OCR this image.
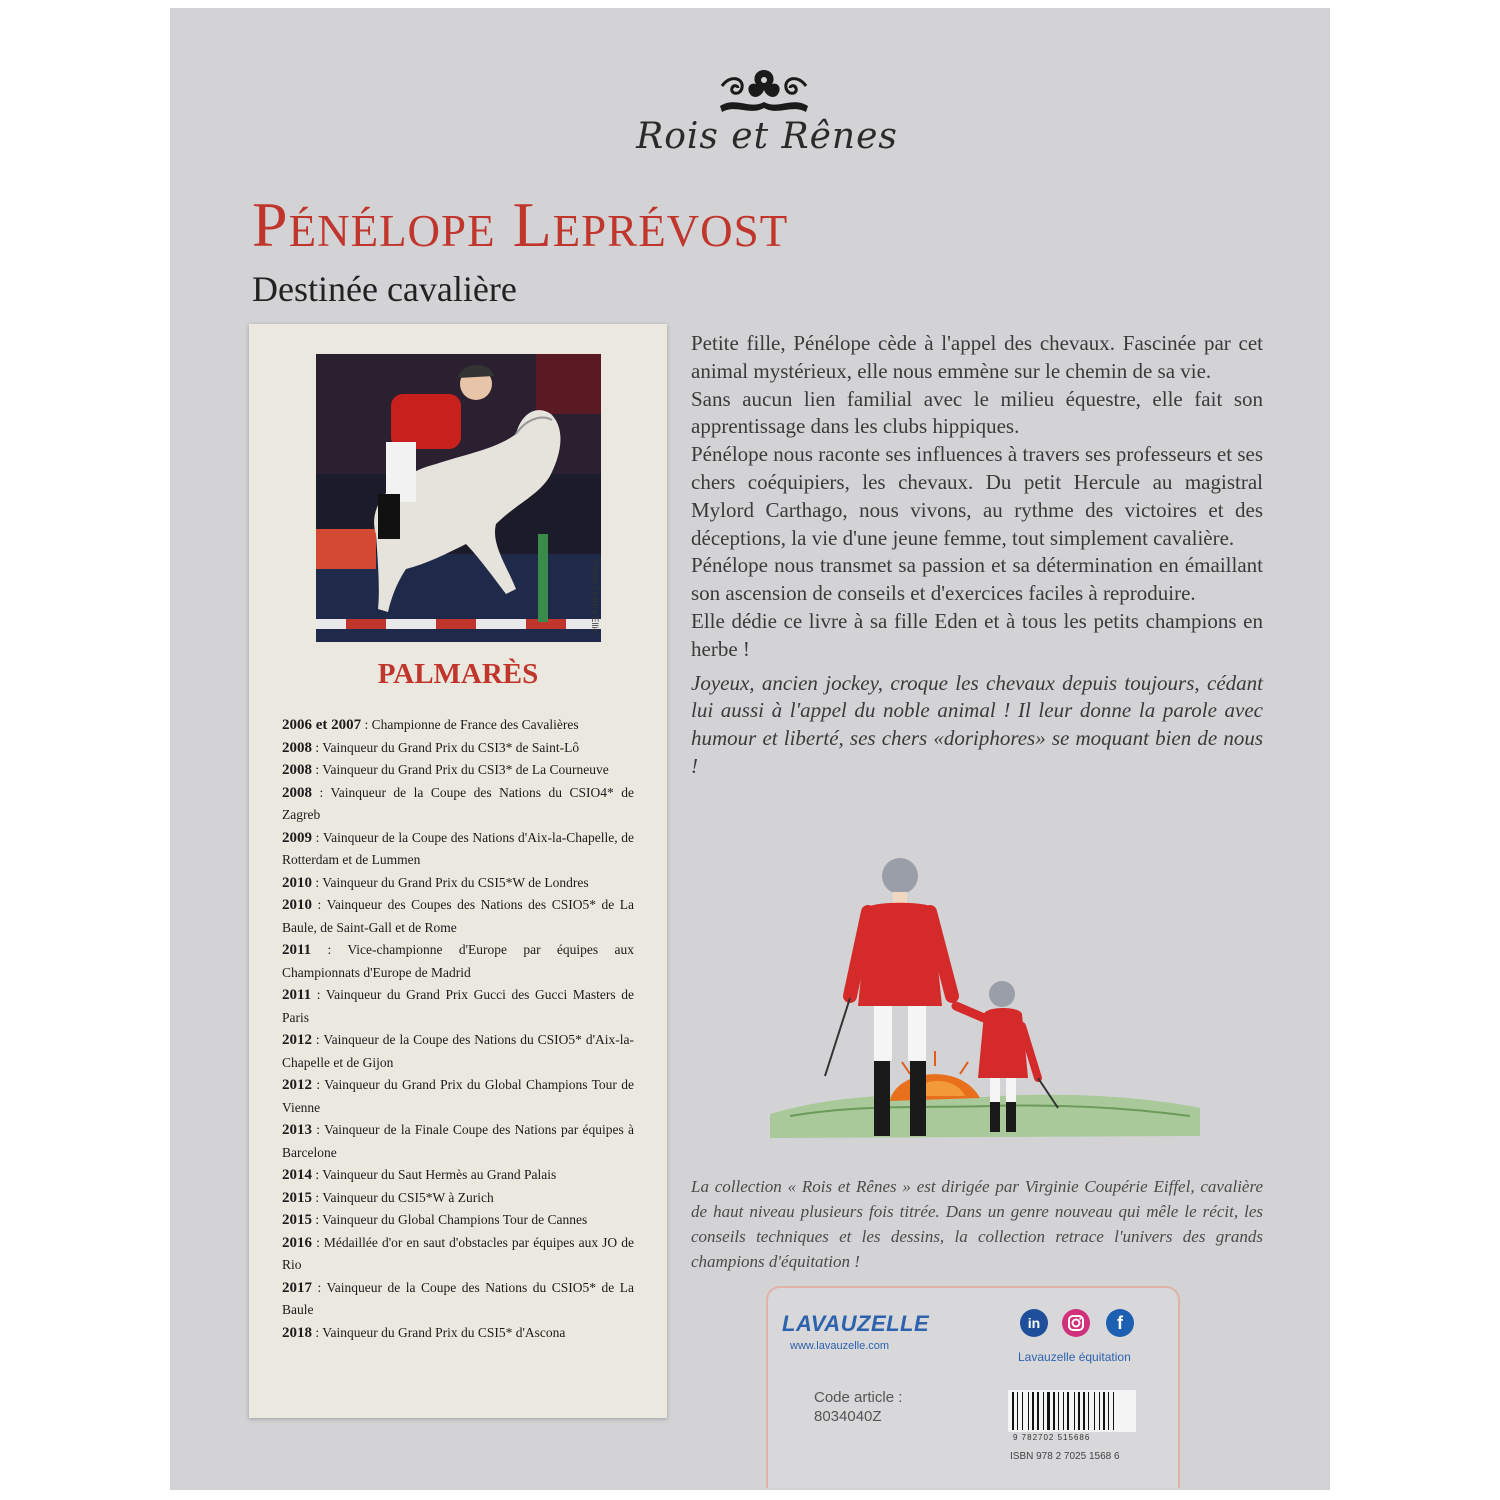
Rois et Rênes
Pénélope Leprévost
Destinée cavalière
Photo Thierry Ellie
PALMARÈS
2006 et 2007 : Championne de France des Cavalières
2008 : Vainqueur du Grand Prix du CSI3* de Saint-Lô
2008 : Vainqueur du Grand Prix du CSI3* de La Courneuve
2008 : Vainqueur de la Coupe des Nations du CSIO4* de Zagreb
2009 : Vainqueur de la Coupe des Nations d'Aix-la-Chapelle, de Rotterdam et de Lummen
2010 : Vainqueur du Grand Prix du CSI5*W de Londres
2010 : Vainqueur des Coupes des Nations des CSIO5* de La Baule, de Saint-Gall et de Rome
2011 : Vice-championne d'Europe par équipes aux Championnats d'Europe de Madrid
2011 : Vainqueur du Grand Prix Gucci des Gucci Masters de Paris
2012 : Vainqueur de la Coupe des Nations du CSIO5* d'Aix-la-Chapelle et de Gijon
2012 : Vainqueur du Grand Prix du Global Champions Tour de Vienne
2013 : Vainqueur de la Finale Coupe des Nations par équipes à Barcelone
2014 : Vainqueur du Saut Hermès au Grand Palais
2015 : Vainqueur du CSI5*W à Zurich
2015 : Vainqueur du Global Champions Tour de Cannes
2016 : Médaillée d'or en saut d'obstacles par équipes aux JO de Rio
2017 : Vainqueur de la Coupe des Nations du CSIO5* de La Baule
2018 : Vainqueur du Grand Prix du CSI5* d'Ascona

Petite fille, Pénélope cède à l'appel des chevaux. Fascinée par cet animal mystérieux, elle nous emmène sur le chemin de sa vie.

Sans aucun lien familial avec le milieu équestre, elle fait son apprentissage dans les clubs hippiques.

Pénélope nous raconte ses influences à travers ses professeurs et ses chers coéquipiers, les chevaux. Du petit Hercule au magistral Mylord Carthago, nous vivons, au rythme des victoires et des déceptions, la vie d'une jeune femme, tout simplement cavalière.

Pénélope nous transmet sa passion et sa détermination en émaillant son ascension de conseils et d'exercices faciles à reproduire.

Elle dédie ce livre à sa fille Eden et à tous les petits champions en herbe !

Joyeux, ancien jockey, croque les chevaux depuis toujours, cédant lui aussi à l'appel du noble animal ! Il leur donne la parole avec humour et liberté, ses chers «doriphores» se moquant bien de nous !

La collection « Rois et Rênes » est dirigée par Virginie Coupérie Eiffel, cavalière de haut niveau plusieurs fois titrée. Dans un genre nouveau qui mêle le récit, les conseils techniques et les dessins, la collection retrace l'univers des grands champions d'équitation !
LAVAUZELLE
www.lavauzelle.com
in	f
Lavauzelle équitation
Code article :
8034040Z
9 782702 515686
ISBN 978 2 7025 1568 6
